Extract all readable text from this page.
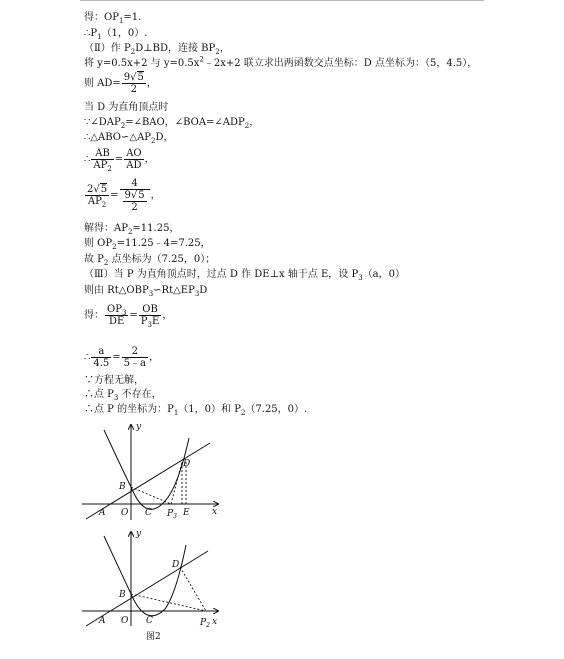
得：$OP_1=1$.
$\therefore P_1(1$，0）.
（Ⅱ）作 $P_2D\perp BD$，连接 $BP_2$，
将 y=0.5x+2 与 $y=0.5x^2﹣2x+2$ 联立求出两函数交点坐标：D 点坐标为：（5，4.5），
则 $AD= \frac{9√5}{2}$ ，
当 D 为直角顶点时
$\because\angle DAP_2=\angle BAO$，$\angle BOA=\angle ADP_2$，
$\therefore\triangle ABO∽\triangle AP_2D$，
∴ $\frac{AB}{AP_2} = \frac{AO}{AD}$ ，
$\frac{2√5}{AP_2} = \frac{4}{\frac{9√5}{2}}$ ，
解得：$AP_2=11.25$，
则 $OP_2=11.25﹣4=7.25$，
故 $P_2$ 点坐标为（7.25，0）；
（Ⅲ）当 P 为直角顶点时，过点 D 作 DE⊥x 轴于点 E，设 $P_3(a$，0）
则由 $Rt\triangle OBP_3∽Rt\triangle EP_3D$
得： $\frac{OP_3}{DE} = \frac{OB}{P_3E}$ ，
∴ $\frac{a}{4.5} = \frac{2}{5﹣a}$ ，
∵方程无解，
∴点 $P_3$ 不存在，
∴点 P 的坐标为：$P_1(1$，0）和 $P_2(7.25$，0）.
y
x
A O
B
C
D
$P_3$ E
y
x
A O
B
C
D
$P_2$
图2
